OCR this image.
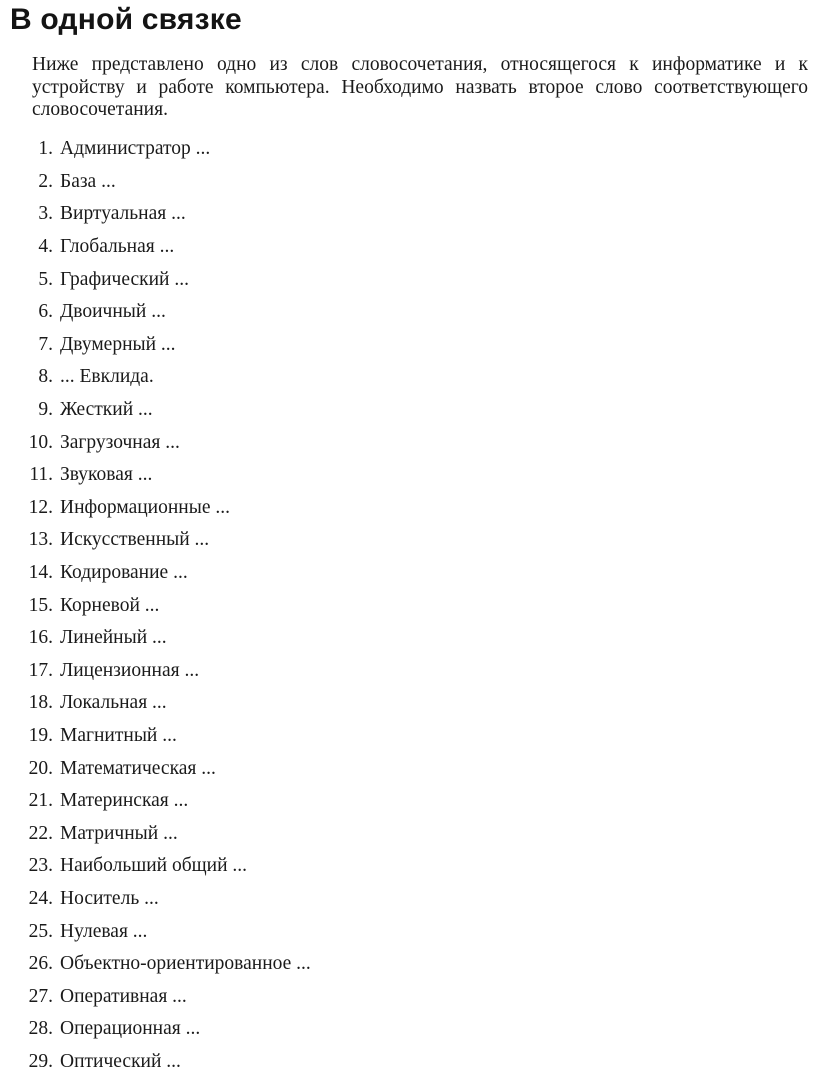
В одной связке

Ниже представлено одно из слов словосочетания, относящегося к информатике и к устройству и работе компьютера. Необходимо назвать второе слово соответствующего словосочетания.

1. Администратор ...
2. База ...
3. Виртуальная ...
4. Глобальная ...
5. Графический ...
6. Двоичный ...
7. Двумерный ...
8. ... Евклида.
9. Жесткий ...
10. Загрузочная ...
11. Звуковая ...
12. Информационные ...
13. Искусственный ...
14. Кодирование ...
15. Корневой ...
16. Линейный ...
17. Лицензионная ...
18. Локальная ...
19. Магнитный ...
20. Математическая ...
21. Материнская ...
22. Матричный ...
23. Наибольший общий ...
24. Носитель ...
25. Нулевая ...
26. Объектно-ориентированное ...
27. Оперативная ...
28. Операционная ...
29. Оптический ...
